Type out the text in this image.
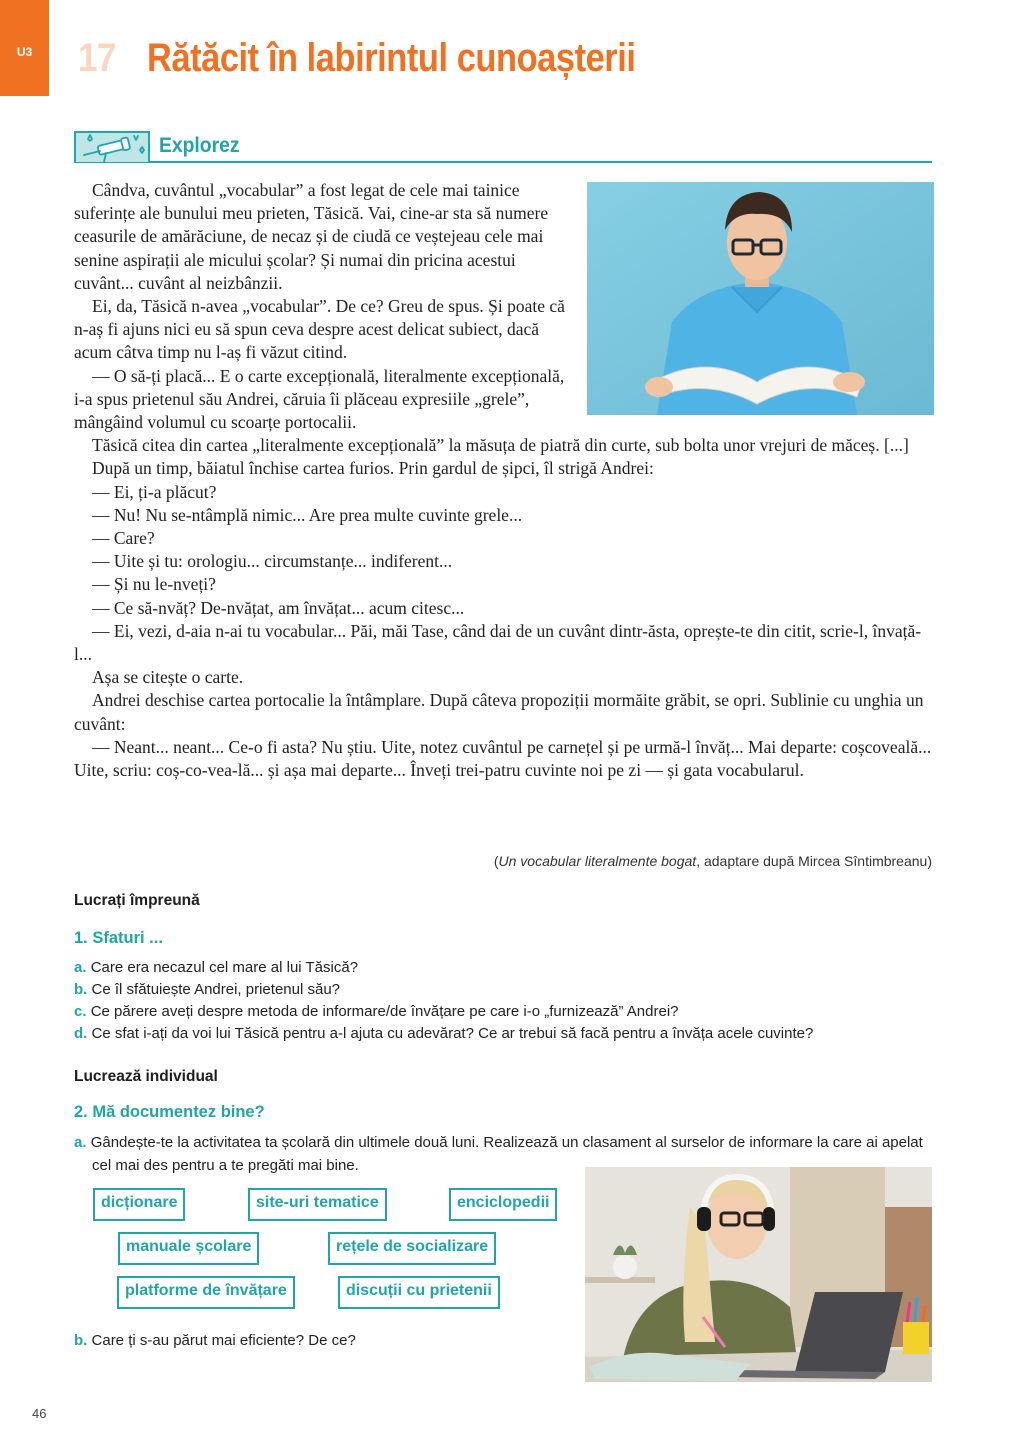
U3	17 Rătăcit în labirintul cunoașterii
Explorez

Cândva, cuvântul „vocabular” a fost legat de cele mai tainice suferințe ale bunului meu prieten, Tăsică. Vai, cine-ar sta să numere ceasurile de amărăciune, de necaz și de ciudă ce veștejeau cele mai senine aspirații ale micului școlar? Și numai din pricina acestui cuvânt... cuvânt al neizbânzii.

Ei, da, Tăsică n-avea „vocabular”. De ce? Greu de spus. Și poate că n-aș fi ajuns nici eu să spun ceva despre acest delicat subiect, dacă acum câtva timp nu l-aș fi văzut citind.

— O să-ți placă... E o carte excepțională, literalmente excepțională, i-a spus prietenul său Andrei, căruia îi plăceau expresiile „grele”, mângâind volumul cu scoarțe portocalii.

Tăsică citea din cartea „literalmente excepțională” la măsuța de piatră din curte, sub bolta unor vrejuri de măceș. [...]

După un timp, băiatul închise cartea furios. Prin gardul de șipci, îl strigă Andrei:

— Ei, ți-a plăcut?

— Nu! Nu se-ntâmplă nimic... Are prea multe cuvinte grele...

— Care?

— Uite și tu: orologiu... circumstanțe... indiferent...

— Și nu le-nveți?

— Ce să-nvăț? De-nvățat, am învățat... acum citesc...

— Ei, vezi, d-aia n-ai tu vocabular... Păi, măi Tase, când dai de un cuvânt dintr-ăsta, oprește-te din citit, scrie-l, învață-l...

Așa se citește o carte.

Andrei deschise cartea portocalie la întâmplare. După câteva propoziții mormăite grăbit, se opri. Sublinie cu unghia un cuvânt:

— Neant... neant... Ce-o fi asta? Nu știu. Uite, notez cuvântul pe carnețel și pe urmă-l învăț... Mai departe: coșcoveală... Uite, scriu: coș-co-vea-lă... și așa mai departe... Înveți trei-patru cuvinte noi pe zi — și gata vocabularul.

(Un vocabular literalmente bogat, adaptare după Mircea Sîntimbreanu)
Lucrați împreună
1. Sfaturi ...
a. Care era necazul cel mare al lui Tăsică?
b. Ce îl sfătuiește Andrei, prietenul său?
c. Ce părere aveți despre metoda de informare/de învățare pe care i-o „furnizează” Andrei?
d. Ce sfat i-ați da voi lui Tăsică pentru a-l ajuta cu adevărat? Ce ar trebui să facă pentru a învăța acele cuvinte?
Lucrează individual
2. Mă documentez bine?
a. Gândește-te la activitatea ta școlară din ultimele două luni. Realizează un clasament al surselor de informare la care ai apelat cel mai des pentru a te pregăti mai bine.
dicționare	site-uri tematice	enciclopedii
manuale școlare	rețele de socializare
platforme de învățare	discuții cu prietenii
b. Care ți s-au părut mai eficiente? De ce?
46
